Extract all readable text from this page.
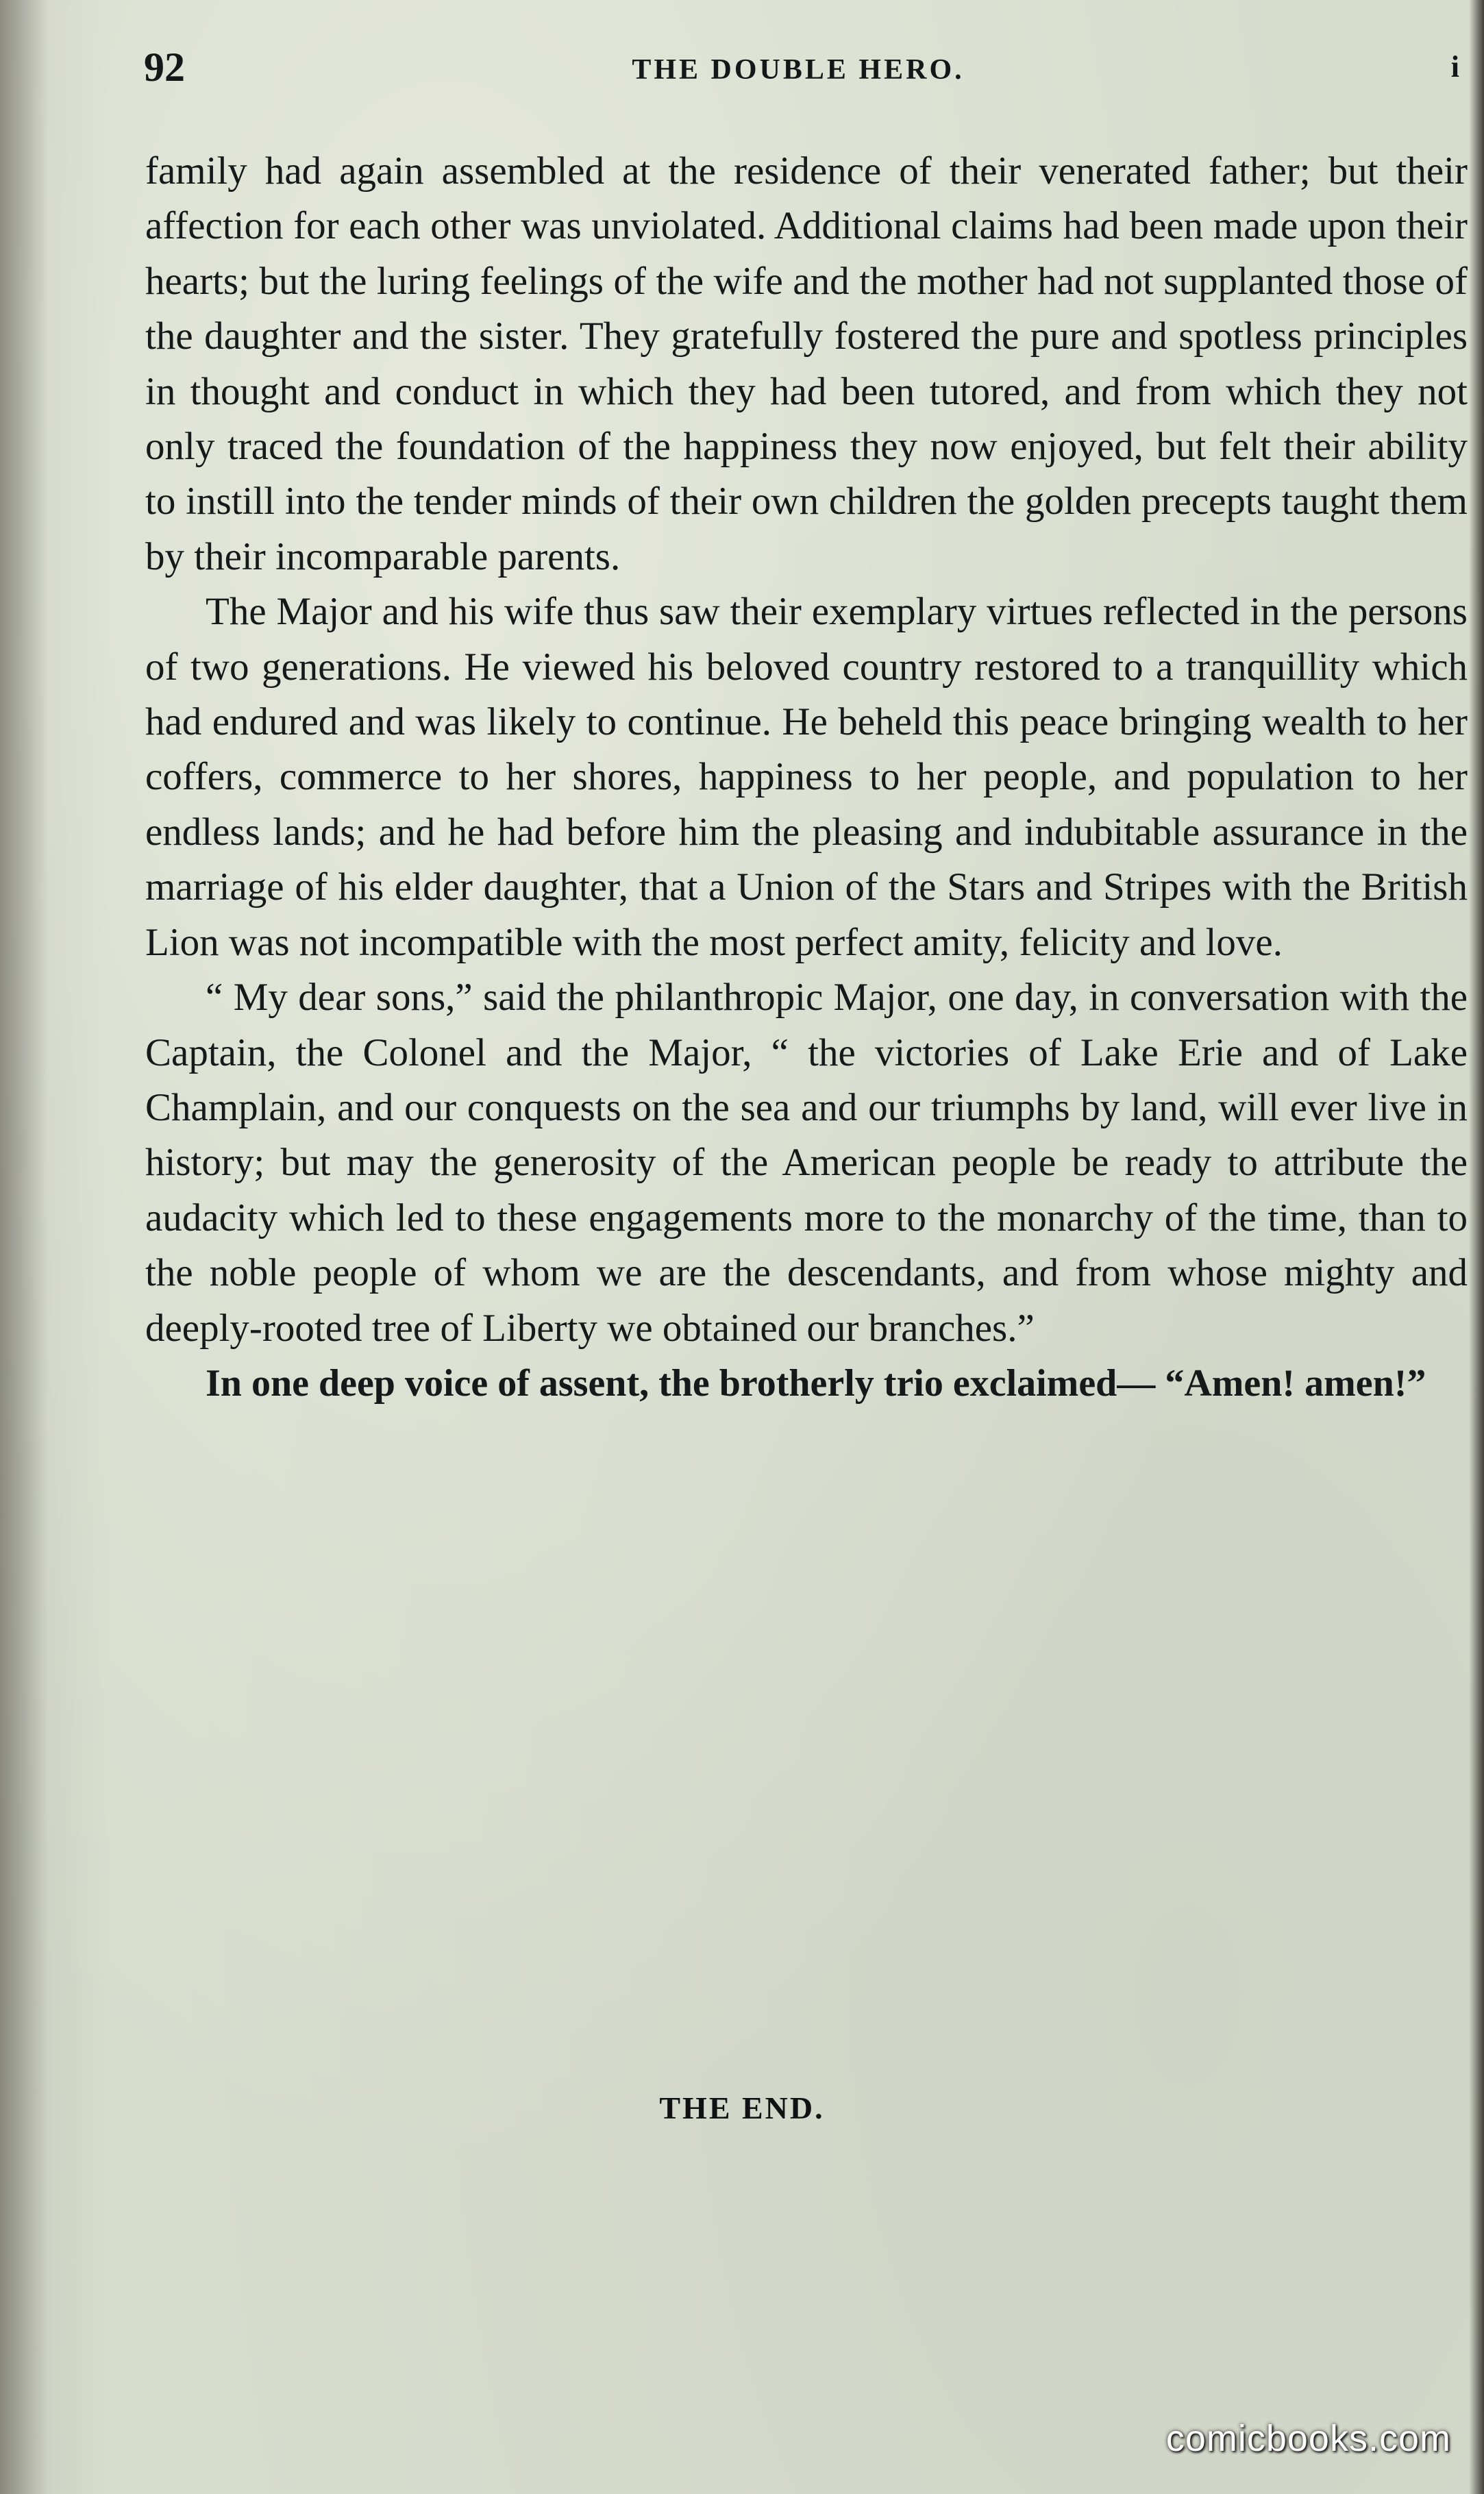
92	THE DOUBLE HERO.	i

family had again assembled at the residence of their venerated father; but their affection for each other was unviolated. Additional claims had been made upon their hearts; but the luring feelings of the wife and the mother had not supplanted those of the daughter and the sister. They gratefully fostered the pure and spotless principles in thought and conduct in which they had been tutored, and from which they not only traced the foundation of the happiness they now enjoyed, but felt their ability to instill into the tender minds of their own children the golden precepts taught them by their incomparable parents.

The Major and his wife thus saw their exemplary virtues reflected in the persons of two generations. He viewed his beloved country restored to a tranquillity which had endured and was likely to continue. He beheld this peace bringing wealth to her coffers, commerce to her shores, happiness to her people, and population to her endless lands; and he had before him the pleasing and indubitable assurance in the marriage of his elder daughter, that a Union of the Stars and Stripes with the British Lion was not incompatible with the most perfect amity, felicity and love.

“ My dear sons,” said the philanthropic Major, one day, in conversation with the Captain, the Colonel and the Major, “ the victories of Lake Erie and of Lake Champlain, and our conquests on the sea and our triumphs by land, will ever live in history; but may the generosity of the American people be ready to attribute the audacity which led to these engagements more to the monarchy of the time, than to the noble people of whom we are the descendants, and from whose mighty and deeply-rooted tree of Liberty we obtained our branches.”

In one deep voice of assent, the brotherly trio exclaimed— “Amen! amen!”

THE END.
comicbooks.com
